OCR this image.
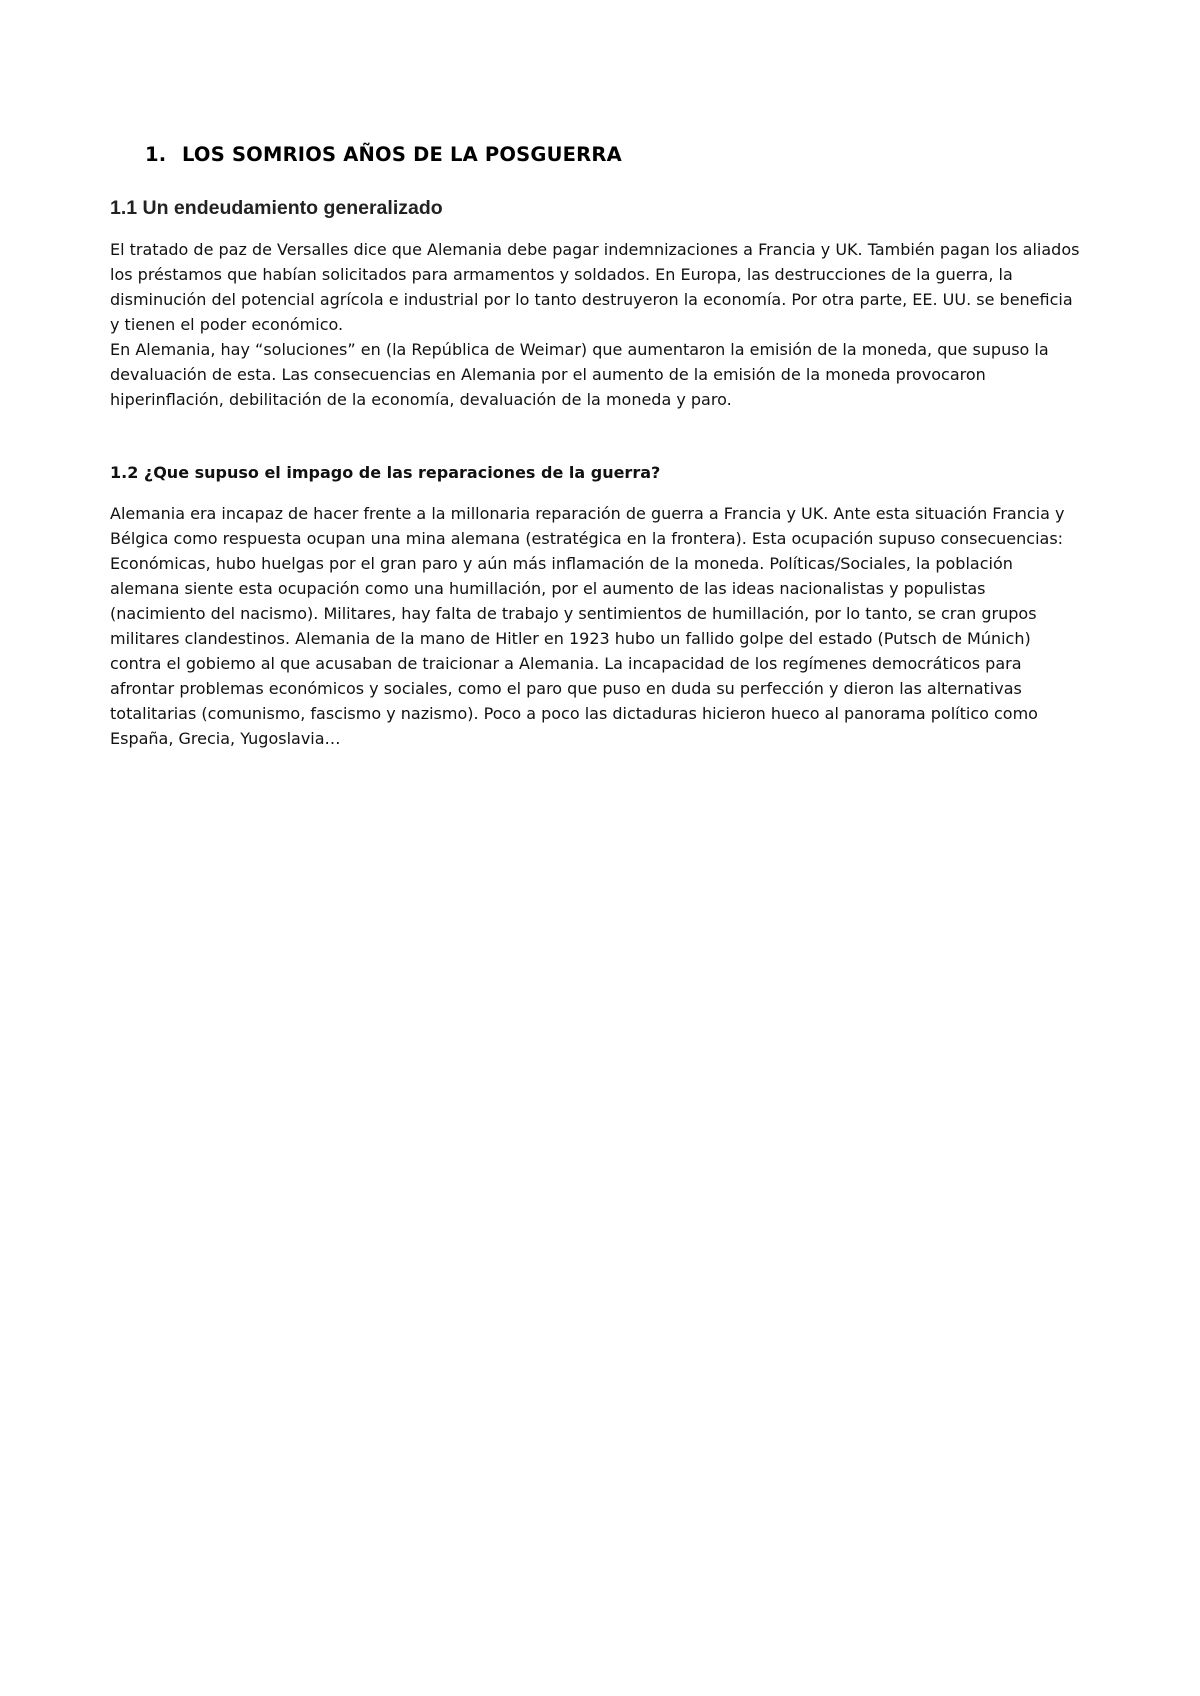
1. LOS SOMRIOS AÑOS DE LA POSGUERRA
1.1 Un endeudamiento generalizado

El tratado de paz de Versalles dice que Alemania debe pagar indemnizaciones a Francia y UK. También pagan los aliados

los préstamos que habían solicitados para armamentos y soldados. En Europa, las destrucciones de la guerra, la

disminución del potencial agrícola e industrial por lo tanto destruyeron la economía. Por otra parte, EE. UU. se beneficia

y tienen el poder económico.

En Alemania, hay “soluciones” en (la República de Weimar) que aumentaron la emisión de la moneda, que supuso la

devaluación de esta. Las consecuencias en Alemania por el aumento de la emisión de la moneda provocaron

hiperinflación, debilitación de la economía, devaluación de la moneda y paro.

1.2 ¿Que supuso el impago de las reparaciones de la guerra?

Alemania era incapaz de hacer frente a la millonaria reparación de guerra a Francia y UK. Ante esta situación Francia y

Bélgica como respuesta ocupan una mina alemana (estratégica en la frontera). Esta ocupación supuso consecuencias:

Económicas, hubo huelgas por el gran paro y aún más inflamación de la moneda. Políticas/Sociales, la población

alemana siente esta ocupación como una humillación, por el aumento de las ideas nacionalistas y populistas

(nacimiento del nacismo). Militares, hay falta de trabajo y sentimientos de humillación, por lo tanto, se cran grupos

militares clandestinos. Alemania de la mano de Hitler en 1923 hubo un fallido golpe del estado (Putsch de Múnich)

contra el gobiemo al que acusaban de traicionar a Alemania. La incapacidad de los regímenes democráticos para

afrontar problemas económicos y sociales, como el paro que puso en duda su perfección y dieron las alternativas

totalitarias (comunismo, fascismo y nazismo). Poco a poco las dictaduras hicieron hueco al panorama político como

España, Grecia, Yugoslavia…
